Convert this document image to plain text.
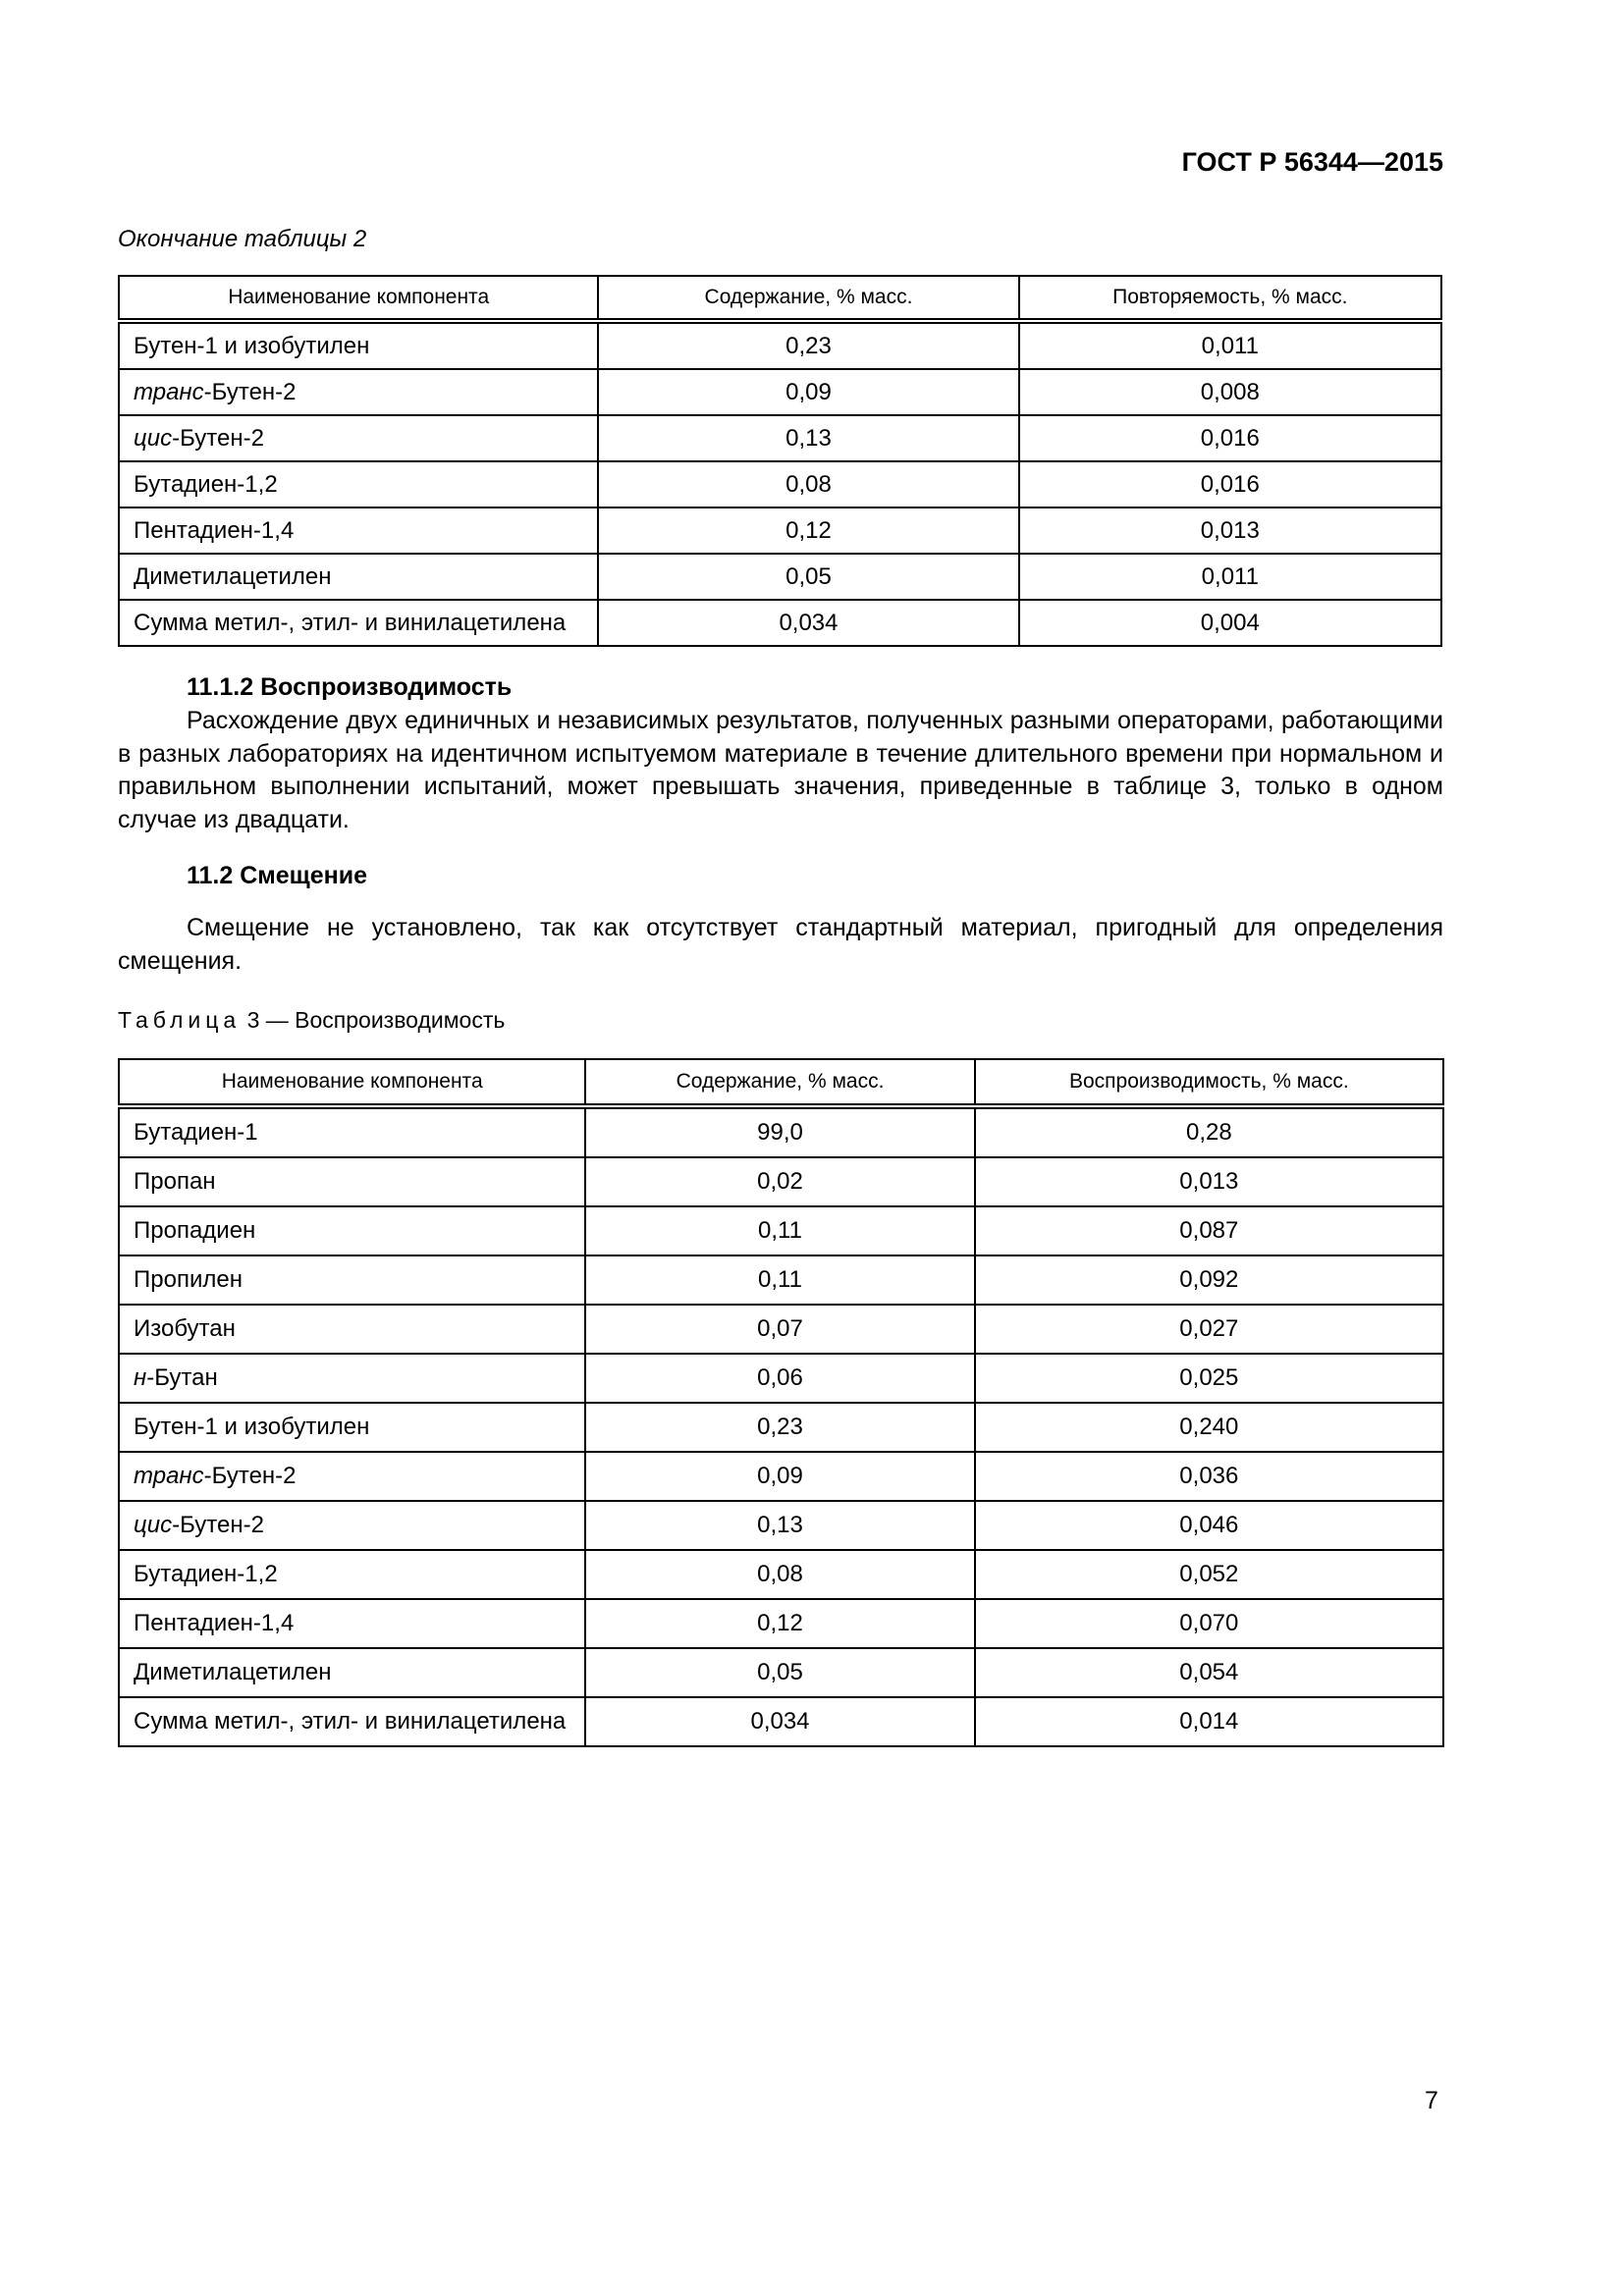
ГОСТ Р 56344—2015
Окончание таблицы 2
Наименование компонента	Содержание, % масс.	Повторяемость, % масс.
Бутен-1 и изобутилен	0,23	0,011
транс-Бутен-2	0,09	0,008
цис-Бутен-2	0,13	0,016
Бутадиен-1,2	0,08	0,016
Пентадиен-1,4	0,12	0,013
Диметилацетилен	0,05	0,011
Сумма метил-, этил- и винилацетилена	0,034	0,004
11.1.2 Воспроизводимость
Расхождение двух единичных и независимых результатов, полученных разными операторами, работающими в разных лабораториях на идентичном испытуемом материале в течение длительного времени при нормальном и правильном выполнении испытаний, может превышать значения, приведенные в таблице 3, только в одном случае из двадцати.
11.2 Смещение
Смещение не установлено, так как отсутствует стандартный материал, пригодный для определения смещения.
Таблица 3 — Воспроизводимость
Наименование компонента	Содержание, % масс.	Воспроизводимость, % масс.
Бутадиен-1	99,0	0,28
Пропан	0,02	0,013
Пропадиен	0,11	0,087
Пропилен	0,11	0,092
Изобутан	0,07	0,027
н-Бутан	0,06	0,025
Бутен-1 и изобутилен	0,23	0,240
транс-Бутен-2	0,09	0,036
цис-Бутен-2	0,13	0,046
Бутадиен-1,2	0,08	0,052
Пентадиен-1,4	0,12	0,070
Диметилацетилен	0,05	0,054
Сумма метил-, этил- и винилацетилена	0,034	0,014
7
